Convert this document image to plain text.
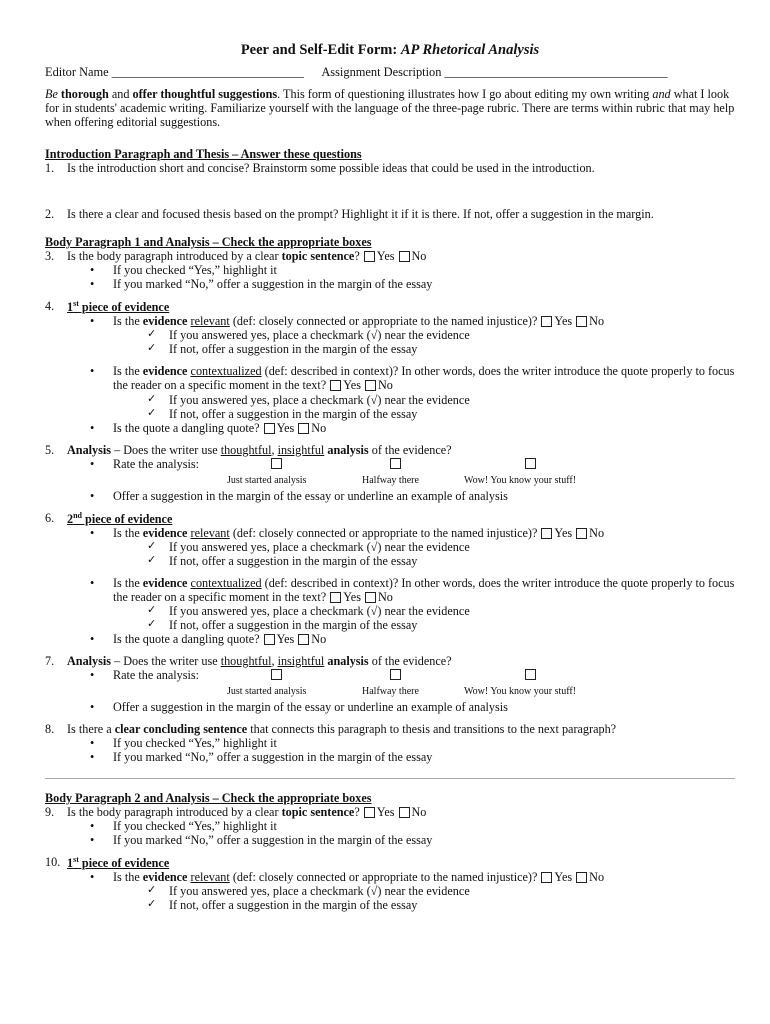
Peer and Self-Edit Form: AP Rhetorical Analysis
Editor Name _______________________________ Assignment Description ____________________________________
Be thorough and offer thoughtful suggestions. This form of questioning illustrates how I go about editing my own writing and what I look for in students' academic writing. Familiarize yourself with the language of the three-page rubric. There are terms within rubric that may help when offering editorial suggestions.
Introduction Paragraph and Thesis – Answer these questions
1. Is the introduction short and concise? Brainstorm some possible ideas that could be used in the introduction.
2. Is there a clear and focused thesis based on the prompt? Highlight it if it is there. If not, offer a suggestion in the margin.
Body Paragraph 1 and Analysis – Check the appropriate boxes
3. Is the body paragraph introduced by a clear topic sentence? Yes No
• If you checked “Yes,” highlight it
• If you marked “No,” offer a suggestion in the margin of the essay
4. 1st piece of evidence
• Is the evidence relevant (def: closely connected or appropriate to the named injustice)? Yes No
✓ If you answered yes, place a checkmark (√) near the evidence
✓ If not, offer a suggestion in the margin of the essay
• Is the evidence contextualized (def: described in context)? In other words, does the writer introduce the quote properly to focus the reader on a specific moment in the text? Yes No
✓ If you answered yes, place a checkmark (√) near the evidence
✓ If not, offer a suggestion in the margin of the essay
• Is the quote a dangling quote? Yes No
5. Analysis – Does the writer use thoughtful, insightful analysis of the evidence?
• Rate the analysis:
Just started analysis	Halfway there	Wow! You know your stuff!
• Offer a suggestion in the margin of the essay or underline an example of analysis
6. 2nd piece of evidence
• Is the evidence relevant (def: closely connected or appropriate to the named injustice)? Yes No
✓ If you answered yes, place a checkmark (√) near the evidence
✓ If not, offer a suggestion in the margin of the essay
• Is the evidence contextualized (def: described in context)? In other words, does the writer introduce the quote properly to focus the reader on a specific moment in the text? Yes No
✓ If you answered yes, place a checkmark (√) near the evidence
✓ If not, offer a suggestion in the margin of the essay
• Is the quote a dangling quote? Yes No
7. Analysis – Does the writer use thoughtful, insightful analysis of the evidence?
• Rate the analysis:
Just started analysis	Halfway there	Wow! You know your stuff!
• Offer a suggestion in the margin of the essay or underline an example of analysis
8. Is there a clear concluding sentence that connects this paragraph to thesis and transitions to the next paragraph?
• If you checked “Yes,” highlight it
• If you marked “No,” offer a suggestion in the margin of the essay
Body Paragraph 2 and Analysis – Check the appropriate boxes
9. Is the body paragraph introduced by a clear topic sentence? Yes No
• If you checked “Yes,” highlight it
• If you marked “No,” offer a suggestion in the margin of the essay
10. 1st piece of evidence
• Is the evidence relevant (def: closely connected or appropriate to the named injustice)? Yes No
✓ If you answered yes, place a checkmark (√) near the evidence
✓ If not, offer a suggestion in the margin of the essay
